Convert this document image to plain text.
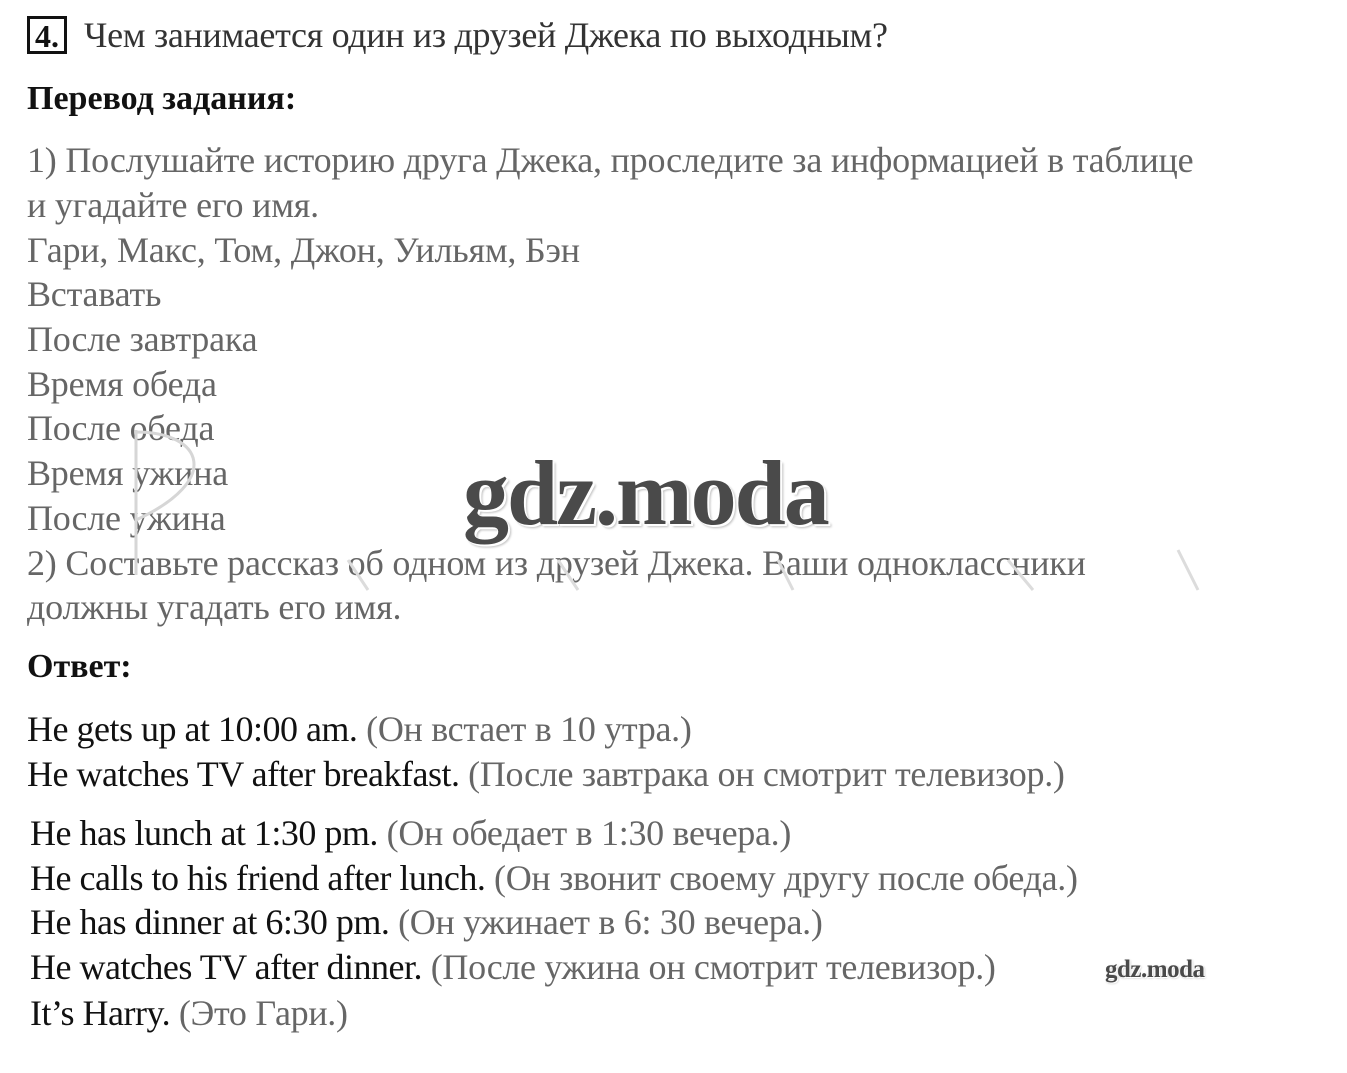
4. Чем занимается один из друзей Джека по выходным?
Перевод задания:
1) Послушайте историю друга Джека, проследите за информацией в таблице
и угадайте его имя.
Гари, Макс, Том, Джон, Уильям, Бэн
Вставать
После завтрака
Время обеда
После обеда
Время ужина
После ужина
2) Составьте рассказ об одном из друзей Джека. Ваши одноклассники
должны угадать его имя.
gdz.moda
Ответ:
He gets up at 10:00 am. (Он встает в 10 утра.)
He watches TV after breakfast. (После завтрака он смотрит телевизор.)
He has lunch at 1:30 pm. (Он обедает в 1:30 вечера.)
He calls to his friend after lunch. (Он звонит своему другу после обеда.)
He has dinner at 6:30 pm. (Он ужинает в 6: 30 вечера.)
He watches TV after dinner. (После ужина он смотрит телевизор.)
It’s Harry. (Это Гари.)
gdz.moda
